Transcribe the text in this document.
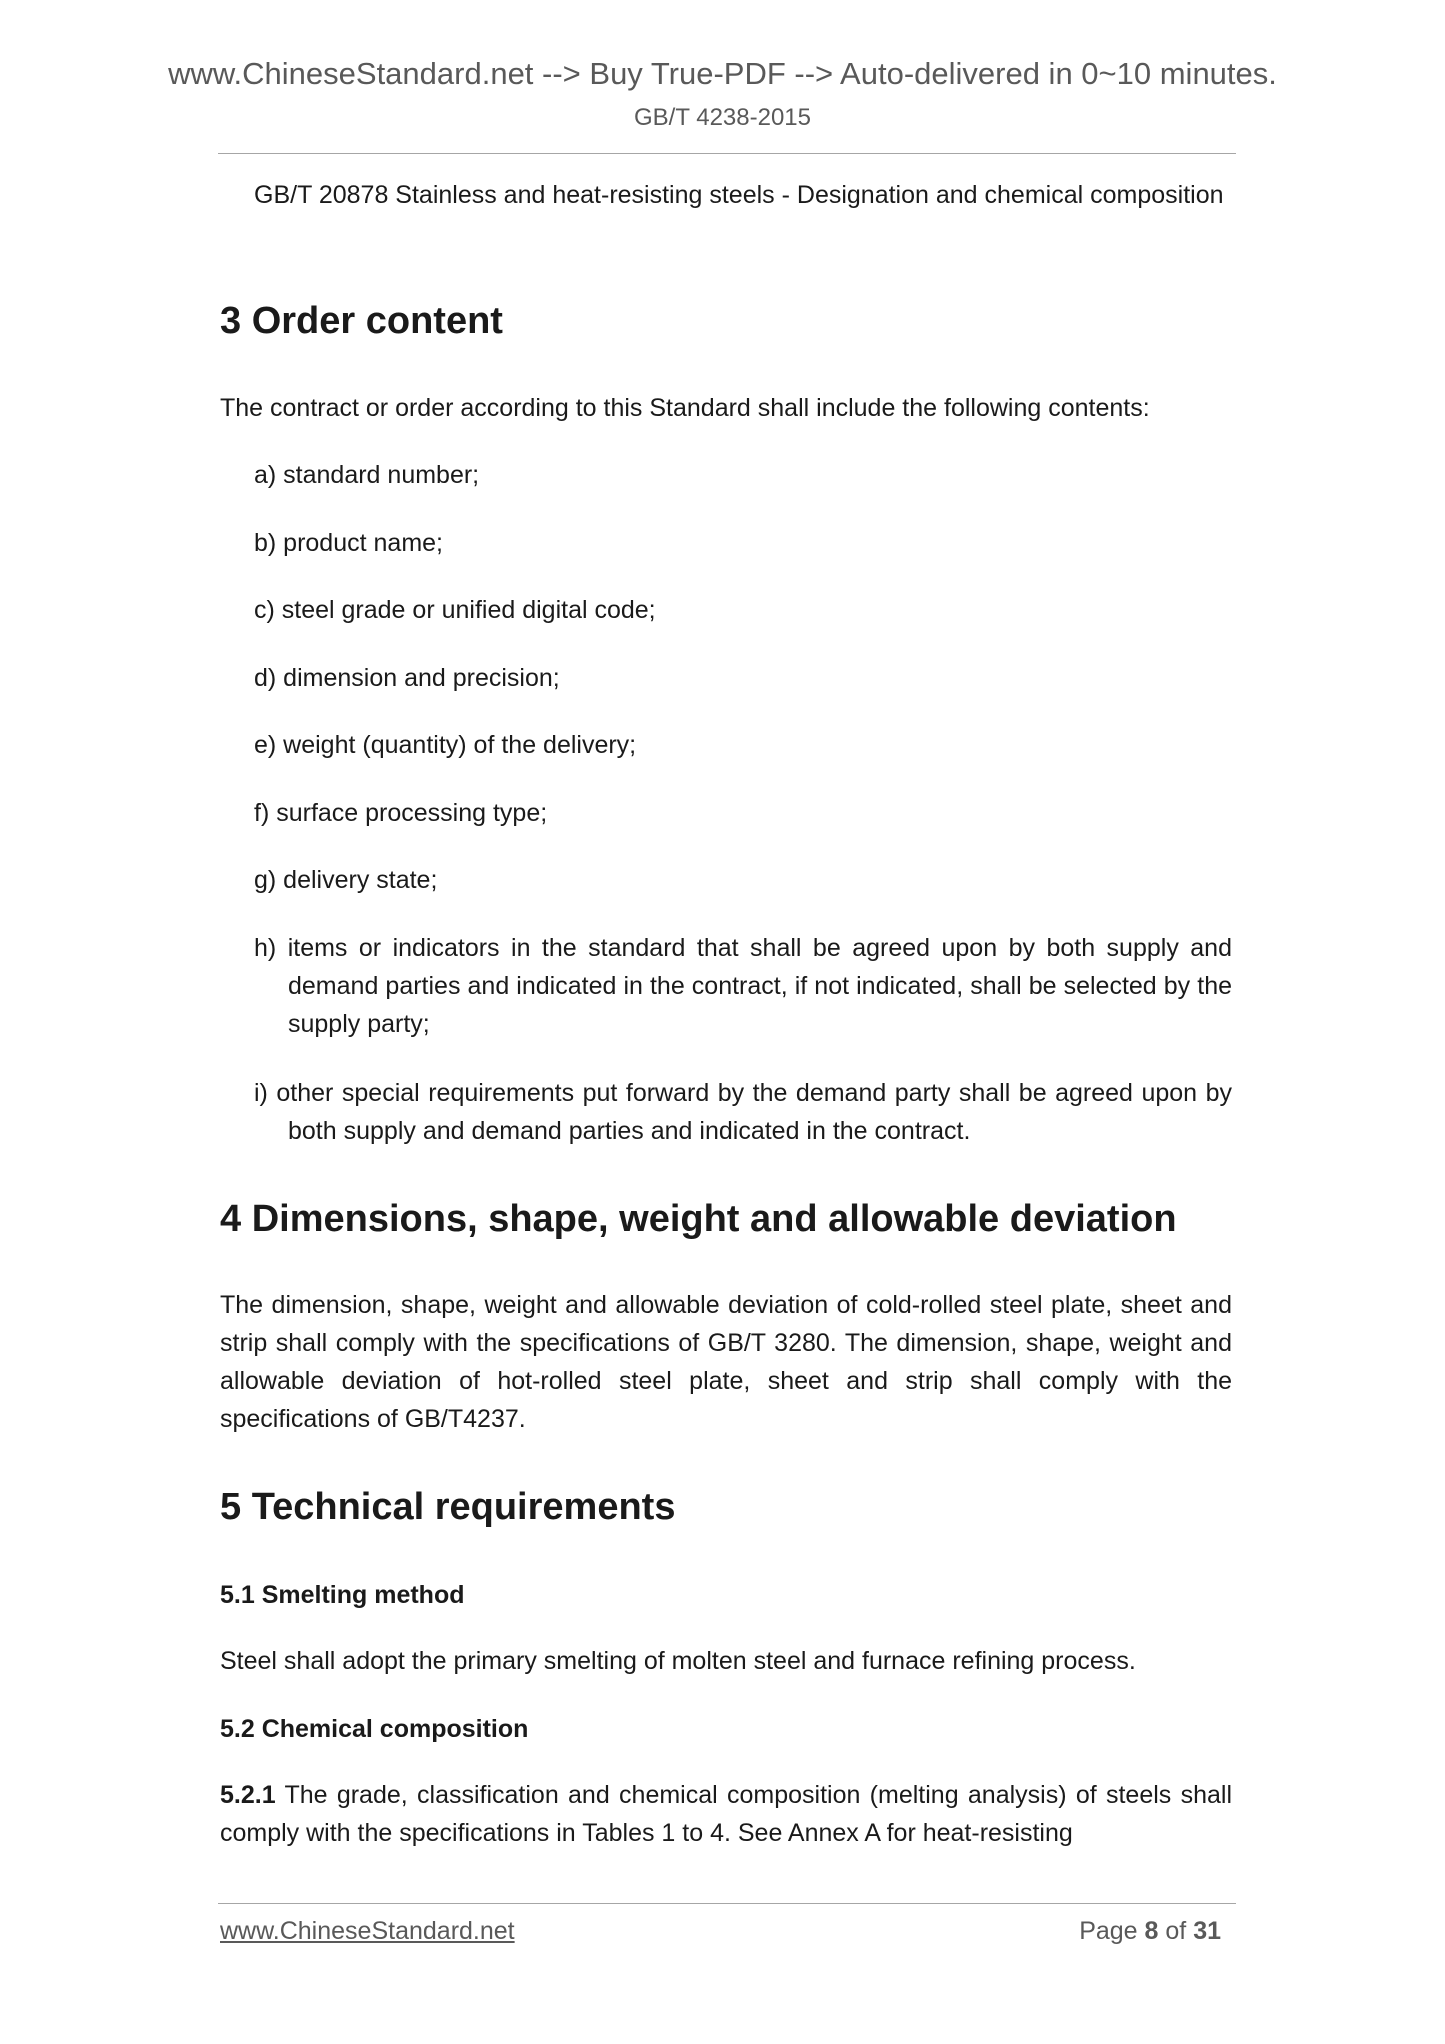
www.ChineseStandard.net --> Buy True-PDF --> Auto-delivered in 0~10 minutes.
GB/T 4238-2015

GB/T 20878 Stainless and heat-resisting steels - Designation and chemical composition

3 Order content

The contract or order according to this Standard shall include the following contents:

a) standard number;
b) product name;
c) steel grade or unified digital code;
d) dimension and precision;
e) weight (quantity) of the delivery;
f) surface processing type;
g) delivery state;
h) items or indicators in the standard that shall be agreed upon by both supply and demand parties and indicated in the contract, if not indicated, shall be selected by the supply party;
i) other special requirements put forward by the demand party shall be agreed upon by both supply and demand parties and indicated in the contract.
4 Dimensions, shape, weight and allowable deviation

The dimension, shape, weight and allowable deviation of cold-rolled steel plate, sheet and strip shall comply with the specifications of GB/T 3280. The dimension, shape, weight and allowable deviation of hot-rolled steel plate, sheet and strip shall comply with the specifications of GB/T4237.

5 Technical requirements
5.1 Smelting method

Steel shall adopt the primary smelting of molten steel and furnace refining process.

5.2 Chemical composition

5.2.1 The grade, classification and chemical composition (melting analysis) of steels shall comply with the specifications in Tables 1 to 4. See Annex A for heat-resisting

www.ChineseStandard.net	Page 8 of 31
